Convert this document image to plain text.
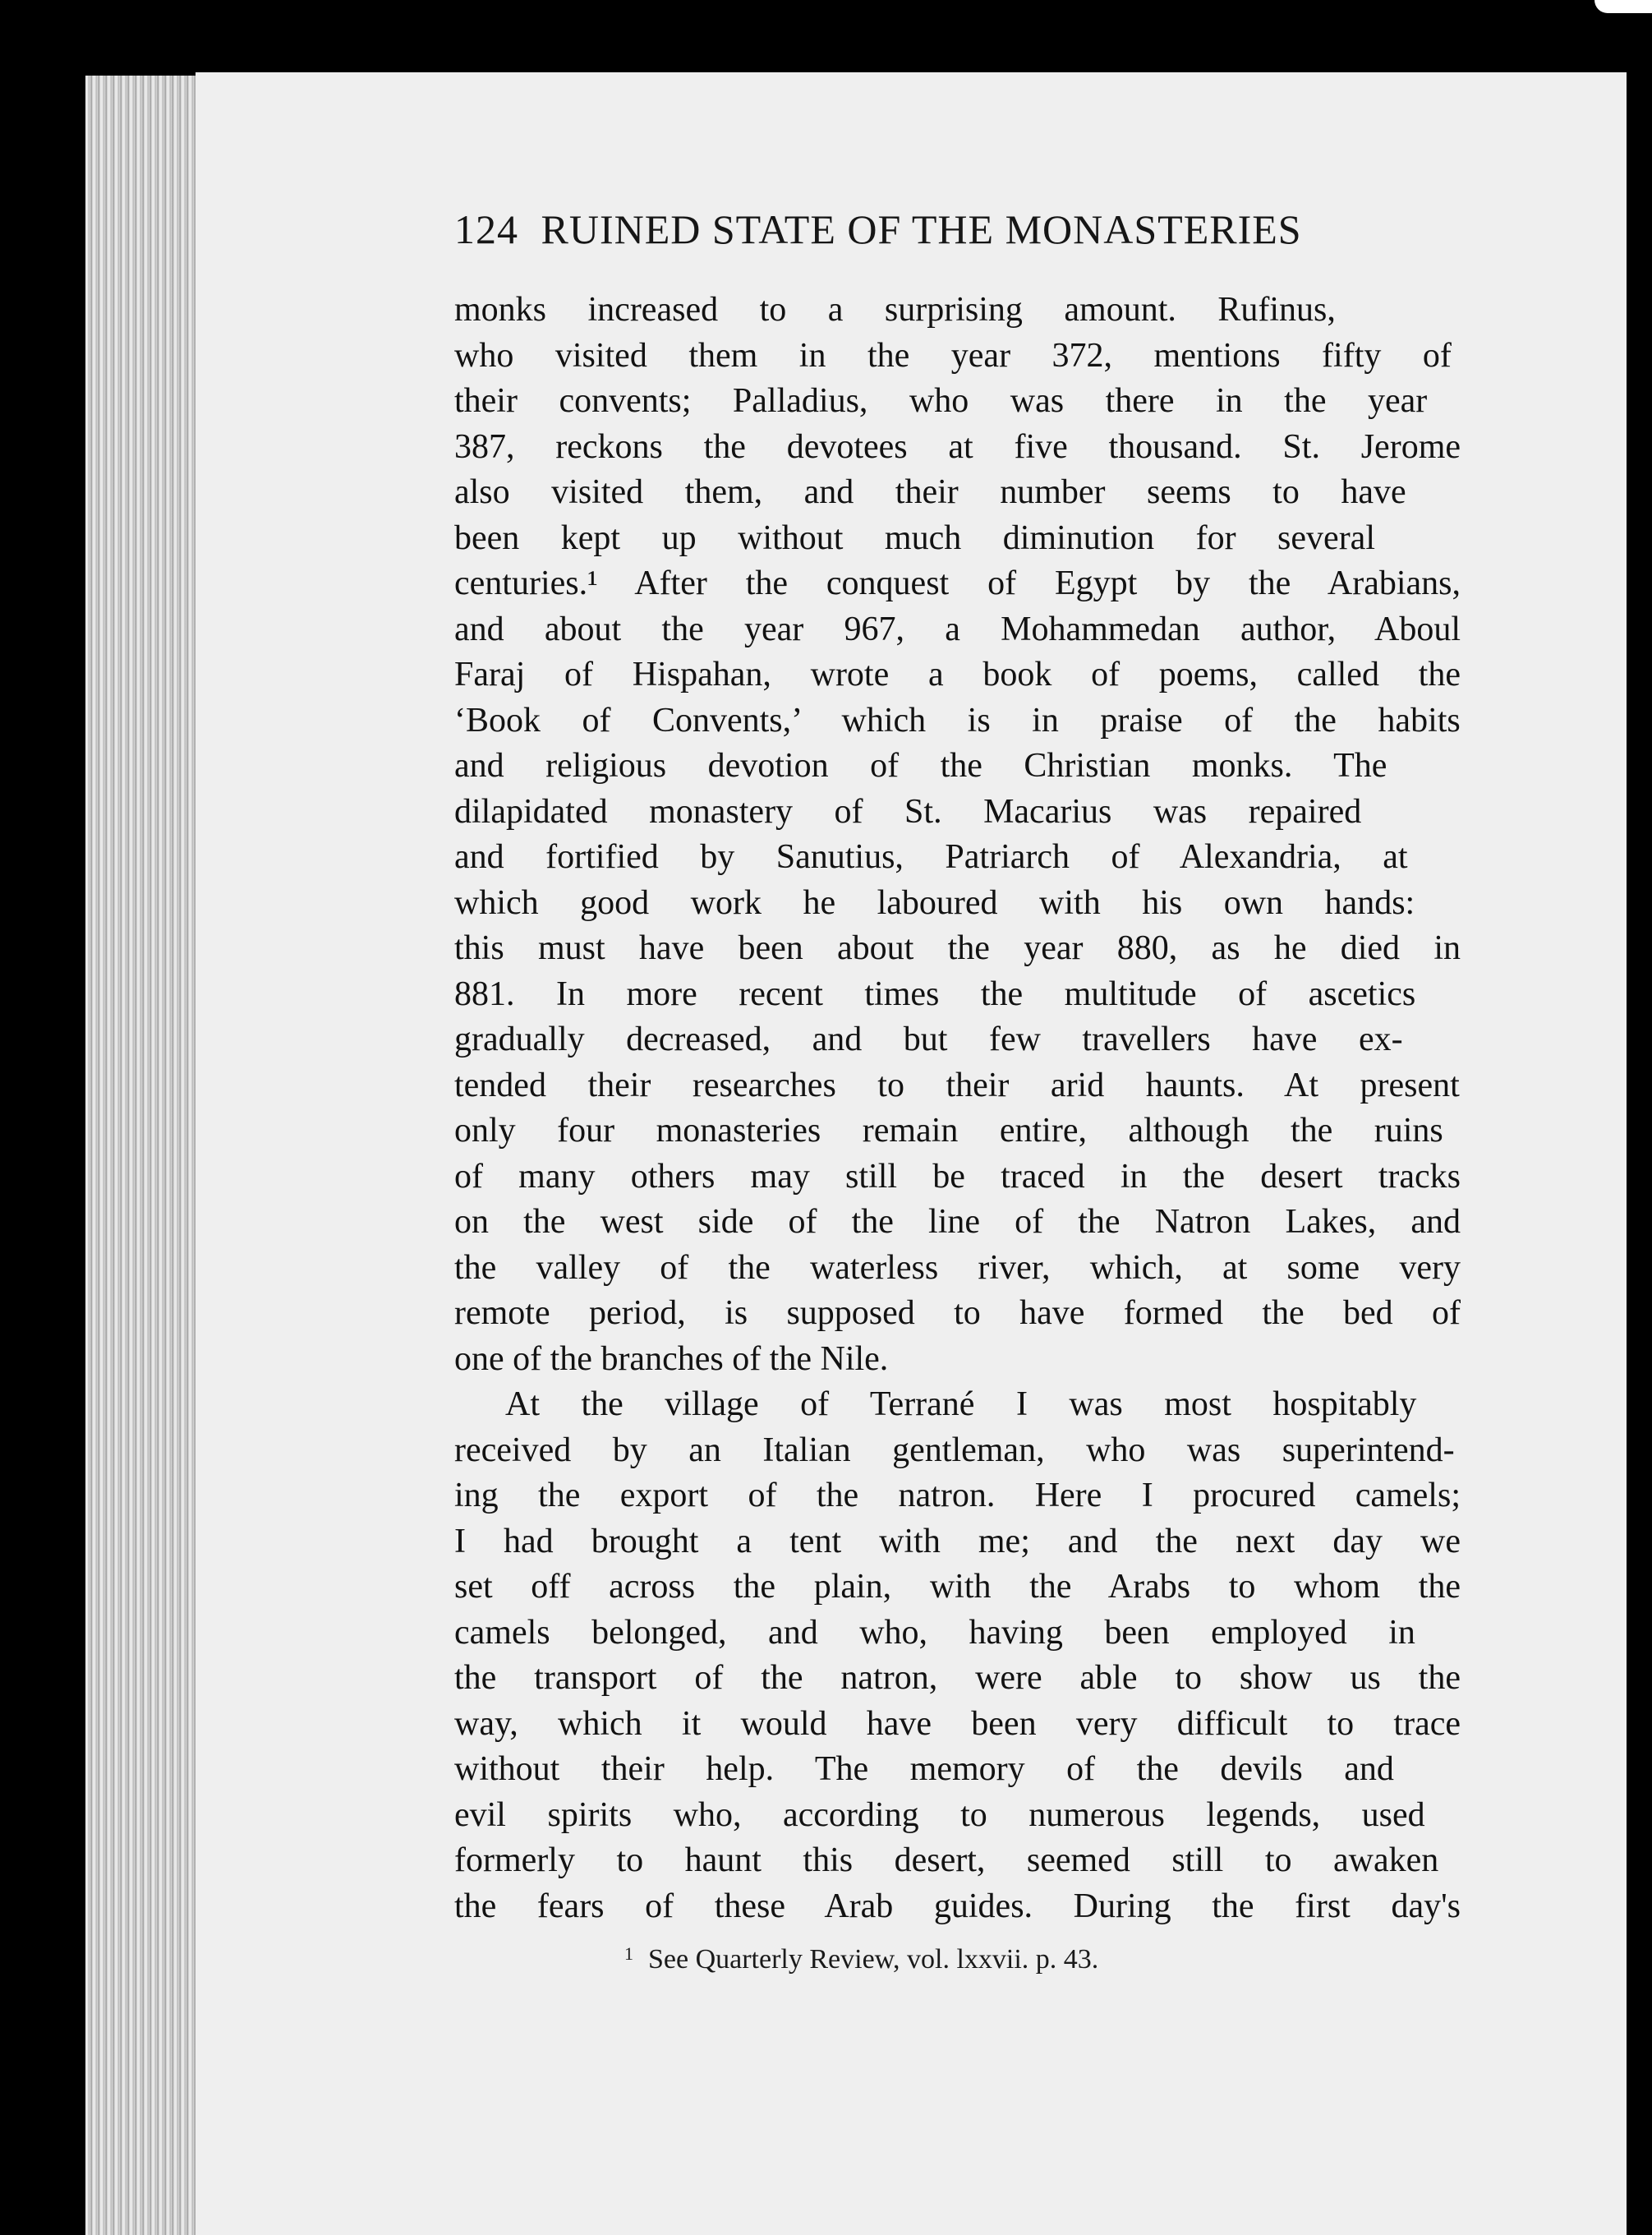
124 RUINED STATE OF THE MONASTERIES
monks increased to a surprising amount. Rufinus,
who visited them in the year 372, mentions fifty of
their convents; Palladius, who was there in the year
387, reckons the devotees at five thousand. St. Jerome
also visited them, and their number seems to have
been kept up without much diminution for several
centuries.¹ After the conquest of Egypt by the Arabians,
and about the year 967, a Mohammedan author, Aboul
Faraj of Hispahan, wrote a book of poems, called the
‘Book of Convents,’ which is in praise of the habits
and religious devotion of the Christian monks. The
dilapidated monastery of St. Macarius was repaired
and fortified by Sanutius, Patriarch of Alexandria, at
which good work he laboured with his own hands:
this must have been about the year 880, as he died in
881. In more recent times the multitude of ascetics
gradually decreased, and but few travellers have ex-
tended their researches to their arid haunts. At present
only four monasteries remain entire, although the ruins
of many others may still be traced in the desert tracks
on the west side of the line of the Natron Lakes, and
the valley of the waterless river, which, at some very
remote period, is supposed to have formed the bed of
one of the branches of the Nile.
At the village of Terrané I was most hospitably
received by an Italian gentleman, who was superintend-
ing the export of the natron. Here I procured camels;
I had brought a tent with me; and the next day we
set off across the plain, with the Arabs to whom the
camels belonged, and who, having been employed in
the transport of the natron, were able to show us the
way, which it would have been very difficult to trace
without their help. The memory of the devils and
evil spirits who, according to numerous legends, used
formerly to haunt this desert, seemed still to awaken
the fears of these Arab guides. During the first day's
$^1$ See Quarterly Review, vol. lxxvii. p. 43.
